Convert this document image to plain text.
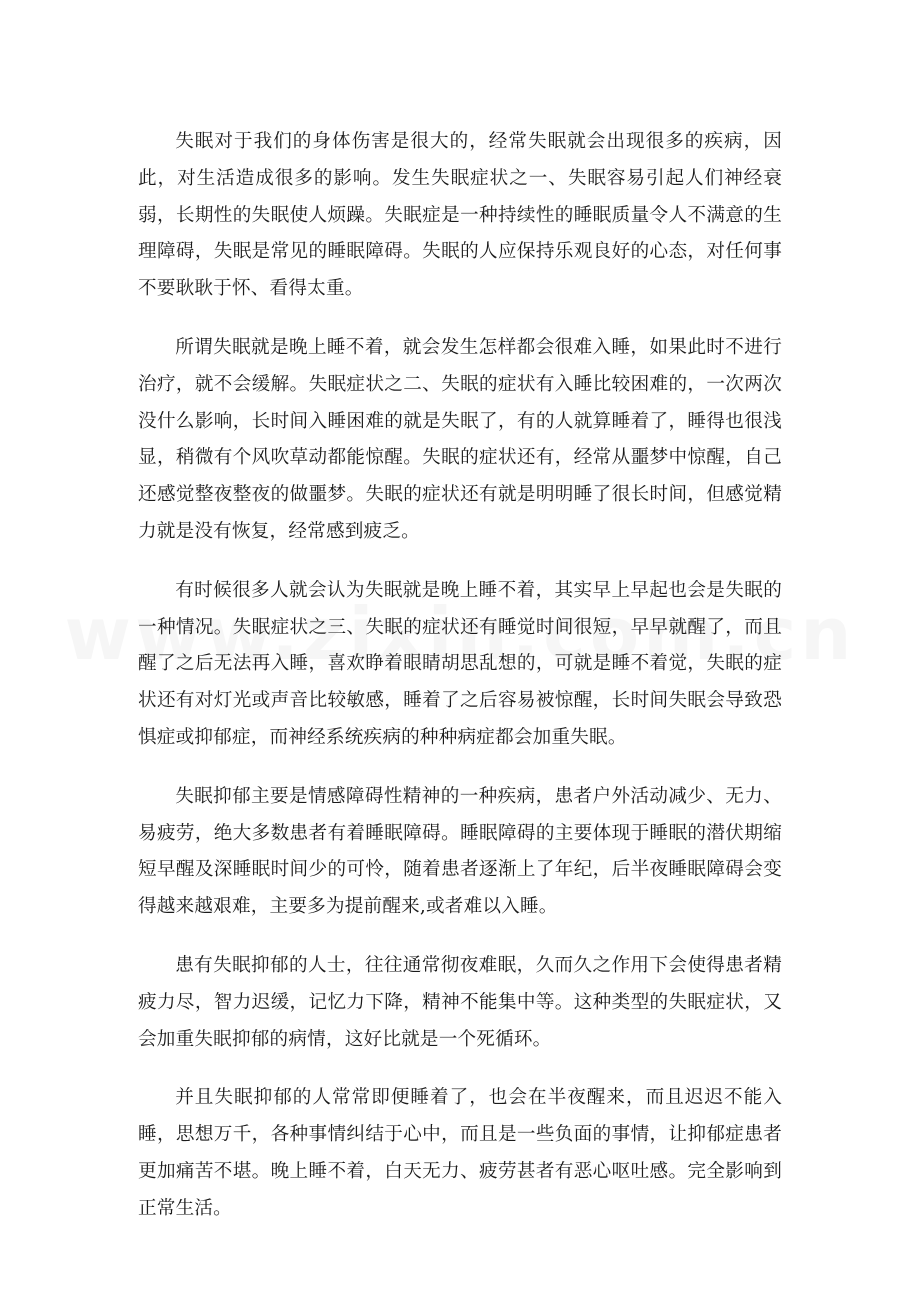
失眠对于我们的身体伤害是很大的，经常失眠就会出现很多的疾病，因此，对生活造成很多的影响。发生失眠症状之一、失眠容易引起人们神经衰弱，长期性的失眠使人烦躁。失眠症是一种持续性的睡眠质量令人不满意的生理障碍，失眠是常见的睡眠障碍。失眠的人应保持乐观良好的心态，对任何事不要耿耿于怀、看得太重。

所谓失眠就是晚上睡不着，就会发生怎样都会很难入睡，如果此时不进行治疗，就不会缓解。失眠症状之二、失眠的症状有入睡比较困难的，一次两次没什么影响，长时间入睡困难的就是失眠了，有的人就算睡着了，睡得也很浅显，稍微有个风吹草动都能惊醒。失眠的症状还有，经常从噩梦中惊醒，自己还感觉整夜整夜的做噩梦。失眠的症状还有就是明明睡了很长时间，但感觉精力就是没有恢复，经常感到疲乏。

有时候很多人就会认为失眠就是晚上睡不着，其实早上早起也会是失眠的一种情况。失眠症状之三、失眠的症状还有睡觉时间很短，早早就醒了，而且醒了之后无法再入睡，喜欢睁着眼睛胡思乱想的，可就是睡不着觉，失眠的症状还有对灯光或声音比较敏感，睡着了之后容易被惊醒，长时间失眠会导致恐惧症或抑郁症，而神经系统疾病的种种病症都会加重失眠。

失眠抑郁主要是情感障碍性精神的一种疾病，患者户外活动减少、无力、易疲劳，绝大多数患者有着睡眠障碍。睡眠障碍的主要体现于睡眠的潜伏期缩短早醒及深睡眠时间少的可怜，随着患者逐渐上了年纪，后半夜睡眠障碍会变得越来越艰难，主要多为提前醒来,或者难以入睡。

患有失眠抑郁的人士，往往通常彻夜难眠，久而久之作用下会使得患者精疲力尽，智力迟缓，记忆力下降，精神不能集中等。这种类型的失眠症状，又会加重失眠抑郁的病情，这好比就是一个死循环。

并且失眠抑郁的人常常即便睡着了，也会在半夜醒来，而且迟迟不能入睡，思想万千，各种事情纠结于心中，而且是一些负面的事情，让抑郁症患者更加痛苦不堪。晚上睡不着，白天无力、疲劳甚者有恶心呕吐感。完全影响到正常生活。
